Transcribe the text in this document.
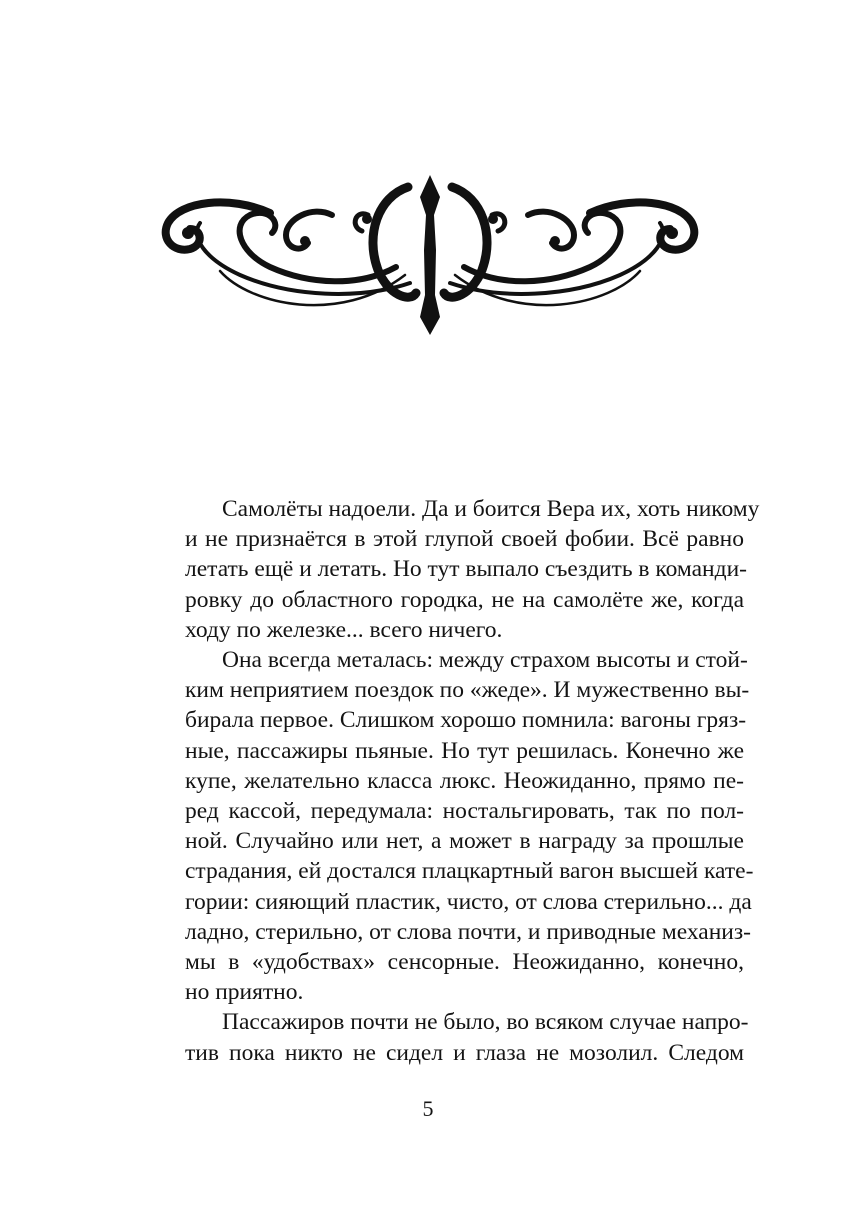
Самолёты надоели. Да и боится Вера их, хоть никому
и не признаётся в этой глупой своей фобии. Всё равно
летать ещё и летать. Но тут выпало съездить в команди-
ровку до областного городка, не на самолёте же, когда
ходу по железке... всего ничего.
Она всегда металась: между страхом высоты и стой-
ким неприятием поездок по «жеде». И мужественно вы-
бирала первое. Слишком хорошо помнила: вагоны гряз-
ные, пассажиры пьяные. Но тут решилась. Конечно же
купе, желательно класса люкс. Неожиданно, прямо пе-
ред кассой, передумала: ностальгировать, так по пол-
ной. Случайно или нет, а может в награду за прошлые
страдания, ей достался плацкартный вагон высшей кате-
гории: сияющий пластик, чисто, от слова стерильно... да
ладно, стерильно, от слова почти, и приводные механиз-
мы в «удобствах» сенсорные. Неожиданно, конечно,
но приятно.
Пассажиров почти не было, во всяком случае напро-
тив пока никто не сидел и глаза не мозолил. Следом
5
